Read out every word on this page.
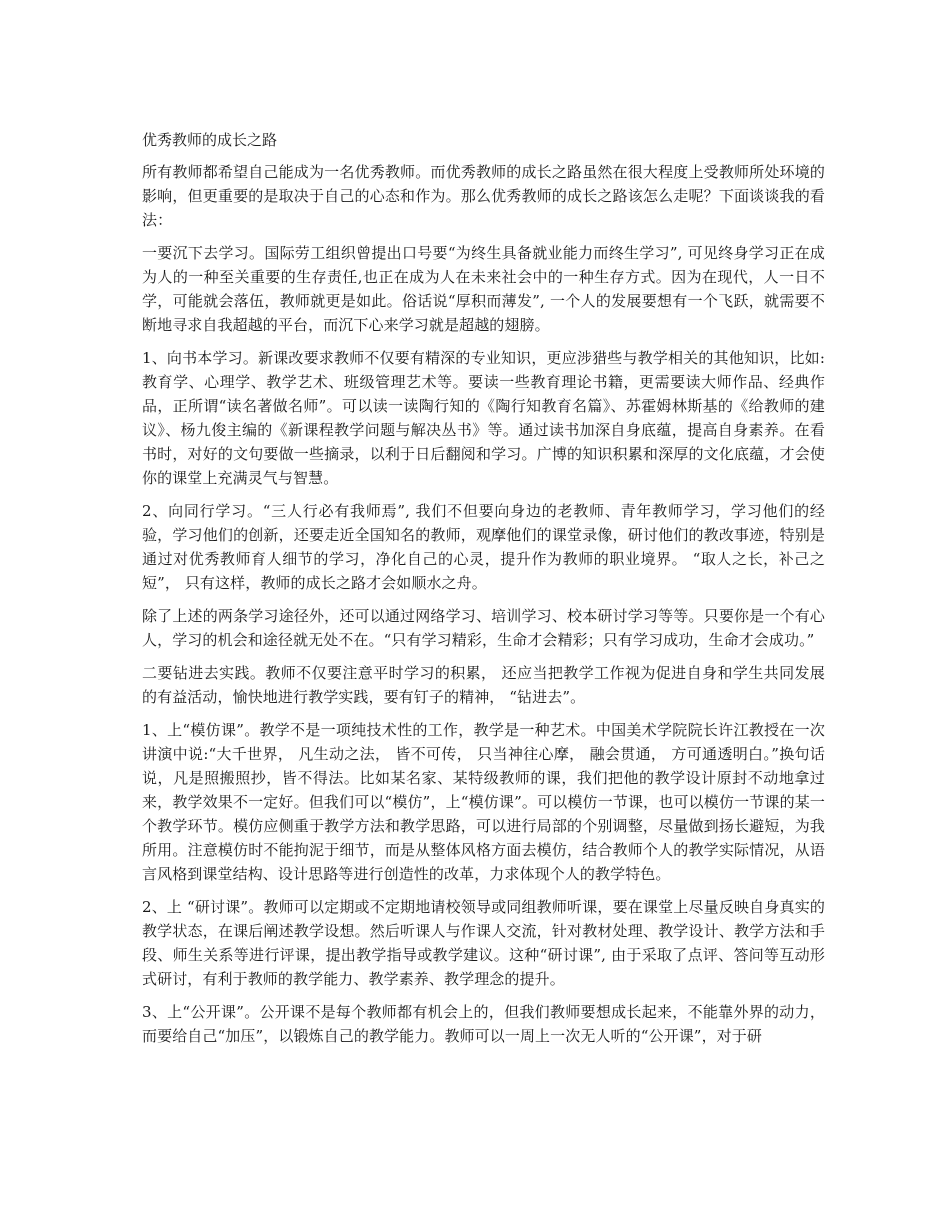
优秀教师的成长之路

所有教师都希望自己能成为一名优秀教师。而优秀教师的成长之路虽然在很大程度上受教师所处环境的影响，但更重要的是取决于自己的心态和作为。那么优秀教师的成长之路该怎么走呢？下面谈谈我的看法：

一要沉下去学习。国际劳工组织曾提出口号要“为终生具备就业能力而终生学习”, 可见终身学习正在成为人的一种至关重要的生存责任,也正在成为人在未来社会中的一种生存方式。因为在现代，人一日不学，可能就会落伍，教师就更是如此。俗话说“厚积而薄发”, 一个人的发展要想有一个飞跃，就需要不断地寻求自我超越的平台，而沉下心来学习就是超越的翅膀。

1、向书本学习。新课改要求教师不仅要有精深的专业知识，更应涉猎些与教学相关的其他知识，比如: 教育学、心理学、教学艺术、班级管理艺术等。要读一些教育理论书籍，更需要读大师作品、经典作品，正所谓“读名著做名师”。可以读一读陶行知的《陶行知教育名篇》、苏霍姆林斯基的《给教师的建议》、杨九俊主编的《新课程教学问题与解决丛书》等。通过读书加深自身底蕴，提高自身素养。在看书时，对好的文句要做一些摘录，以利于日后翻阅和学习。广博的知识积累和深厚的文化底蕴，才会使你的课堂上充满灵气与智慧。

2、向同行学习。“三人行必有我师焉”, 我们不但要向身边的老教师、青年教师学习，学习他们的经验，学习他们的创新，还要走近全国知名的教师，观摩他们的课堂录像，研讨他们的教改事迹，特别是通过对优秀教师育人细节的学习，净化自己的心灵，提升作为教师的职业境界。 “取人之长，补己之短”， 只有这样，教师的成长之路才会如顺水之舟。

除了上述的两条学习途径外，还可以通过网络学习、培训学习、校本研讨学习等等。只要你是一个有心人，学习的机会和途径就无处不在。“只有学习精彩，生命才会精彩；只有学习成功，生命才会成功。”

二要钻进去实践。教师不仅要注意平时学习的积累， 还应当把教学工作视为促进自身和学生共同发展的有益活动，愉快地进行教学实践，要有钉子的精神， “钻进去”。

1、上“模仿课”。教学不是一项纯技术性的工作，教学是一种艺术。中国美术学院院长许江教授在一次讲演中说:“大千世界， 凡生动之法， 皆不可传， 只当神往心摩， 融会贯通， 方可通透明白。”换句话说，凡是照搬照抄，皆不得法。比如某名家、某特级教师的课，我们把他的教学设计原封不动地拿过来，教学效果不一定好。但我们可以“模仿”，上“模仿课”。可以模仿一节课，也可以模仿一节课的某一个教学环节。模仿应侧重于教学方法和教学思路，可以进行局部的个别调整，尽量做到扬长避短，为我所用。注意模仿时不能拘泥于细节，而是从整体风格方面去模仿，结合教师个人的教学实际情况，从语言风格到课堂结构、设计思路等进行创造性的改革，力求体现个人的教学特色。

2、上 “研讨课”。教师可以定期或不定期地请校领导或同组教师听课，要在课堂上尽量反映自身真实的教学状态，在课后阐述教学设想。然后听课人与作课人交流，针对教材处理、教学设计、教学方法和手段、师生关系等进行评课，提出教学指导或教学建议。这种“研讨课”, 由于采取了点评、答问等互动形式研讨，有利于教师的教学能力、教学素养、教学理念的提升。

3、上“公开课”。公开课不是每个教师都有机会上的，但我们教师要想成长起来，不能靠外界的动力，而要给自己“加压”，以锻炼自己的教学能力。教师可以一周上一次无人听的“公开课”，对于研
